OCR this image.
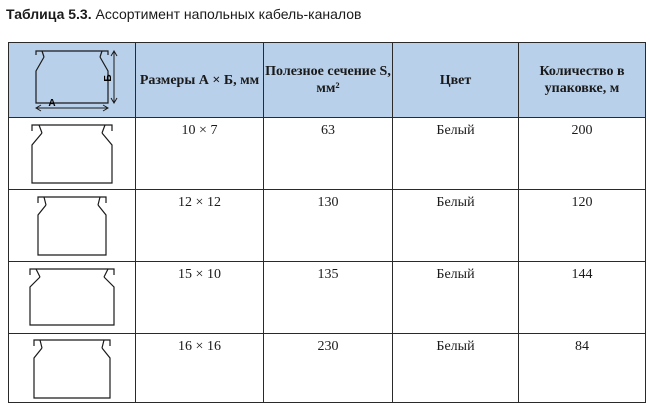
Таблица 5.3. Ассортимент напольных кабель-каналов
Б
А	Размеры А × Б, мм	Полезное сечение S, мм²	Цвет	Количество в упаковке, м

	10 × 7	63	Белый	200

	12 × 12	130	Белый	120

	15 × 10	135	Белый	144

	16 × 16	230	Белый	84
